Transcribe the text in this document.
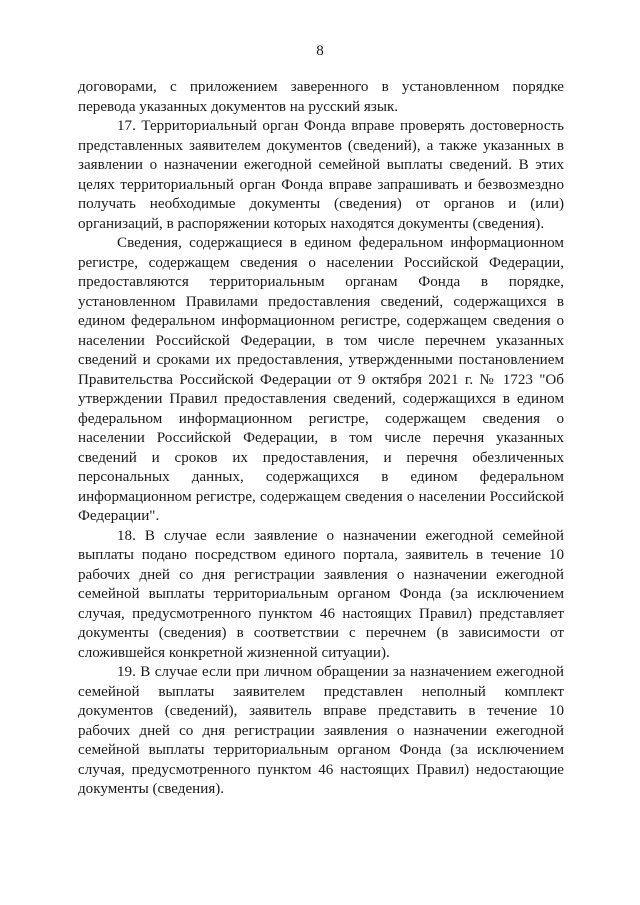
8

договорами, с приложением заверенного в установленном порядке перевода указанных документов на русский язык.

17. Территориальный орган Фонда вправе проверять достоверность представленных заявителем документов (сведений), а также указанных в заявлении о назначении ежегодной семейной выплаты сведений. В этих целях территориальный орган Фонда вправе запрашивать и безвозмездно получать необходимые документы (сведения) от органов и (или) организаций, в распоряжении которых находятся документы (сведения).

Сведения, содержащиеся в едином федеральном информационном регистре, содержащем сведения о населении Российской Федерации, предоставляются территориальным органам Фонда в порядке, установленном Правилами предоставления сведений, содержащихся в едином федеральном информационном регистре, содержащем сведения о населении Российской Федерации, в том числе перечнем указанных сведений и сроками их предоставления, утвержденными постановлением Правительства Российской Федерации от 9 октября 2021 г. № 1723 "Об утверждении Правил предоставления сведений, содержащихся в едином федеральном информационном регистре, содержащем сведения о населении Российской Федерации, в том числе перечня указанных сведений и сроков их предоставления, и перечня обезличенных персональных данных, содержащихся в едином федеральном информационном регистре, содержащем сведения о населении Российской Федерации".

18. В случае если заявление о назначении ежегодной семейной выплаты подано посредством единого портала, заявитель в течение 10 рабочих дней со дня регистрации заявления о назначении ежегодной семейной выплаты территориальным органом Фонда (за исключением случая, предусмотренного пунктом 46 настоящих Правил) представляет документы (сведения) в соответствии с перечнем (в зависимости от сложившейся конкретной жизненной ситуации).

19. В случае если при личном обращении за назначением ежегодной семейной выплаты заявителем представлен неполный комплект документов (сведений), заявитель вправе представить в течение 10 рабочих дней со дня регистрации заявления о назначении ежегодной семейной выплаты территориальным органом Фонда (за исключением случая, предусмотренного пунктом 46 настоящих Правил) недостающие документы (сведения).
